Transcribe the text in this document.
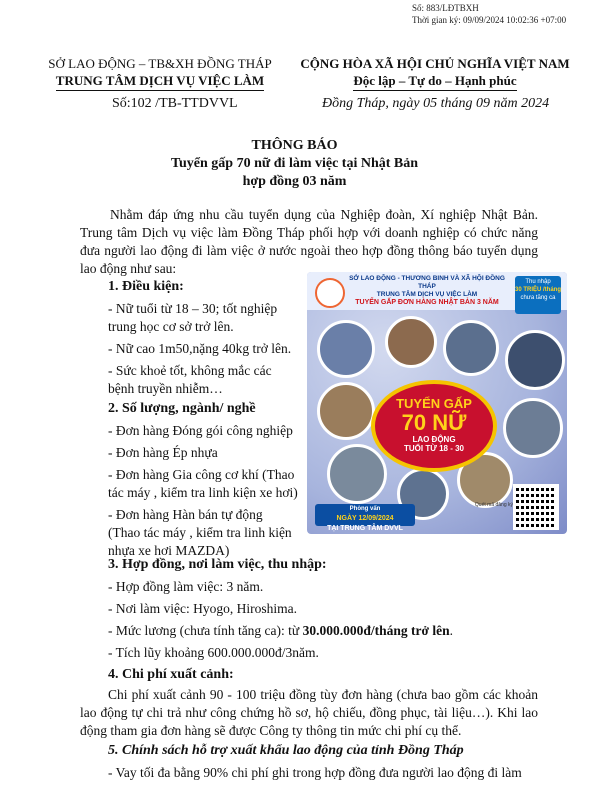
Số: 883/LĐTBXH
Thời gian ký: 09/09/2024 10:02:36 +07:00
SỞ LAO ĐỘNG – TB&XH ĐỒNG THÁP
TRUNG TÂM DỊCH VỤ VIỆC LÀM
CỘNG HÒA XÃ HỘI CHỦ NGHĨA VIỆT NAM
Độc lập – Tự do – Hạnh phúc
Số:102 /TB-TTDVVL	Đồng Tháp, ngày 05 tháng 09 năm 2024
THÔNG BÁO
Tuyển gấp 70 nữ đi làm việc tại Nhật Bản
hợp đồng 03 năm

Nhằm đáp ứng nhu cầu tuyển dụng của Nghiệp đoàn, Xí nghiệp Nhật Bản. Trung tâm Dịch vụ việc làm Đồng Tháp phối hợp với doanh nghiệp có chức năng đưa người lao động đi làm việc ở nước ngoài theo hợp đồng thông báo tuyển dụng lao động như sau:

1. Điều kiện:

- Nữ tuổi từ 18 – 30; tốt nghiệp trung học cơ sở trở lên.

- Nữ cao 1m50,nặng 40kg trở lên.

- Sức khoẻ tốt, không mắc các bệnh truyền nhiễm…

2. Số lượng, ngành/ nghề

- Đơn hàng Đóng gói công nghiệp

- Đơn hàng Ép nhựa

- Đơn hàng Gia công cơ khí (Thao tác máy , kiểm tra linh kiện xe hơi)

- Đơn hàng Hàn bán tự động (Thao tác máy , kiểm tra linh kiện nhựa xe hơi MAZDA)

SỞ LAO ĐỘNG - THƯƠNG BINH VÀ XÃ HỘI ĐỒNG THÁP
TRUNG TÂM DỊCH VỤ VIỆC LÀM
TUYỂN GẤP ĐƠN HÀNG NHẬT BẢN 3 NĂM
Thu nhập
30 TRIỆU /tháng
chưa tăng ca
TUYỂN GẤP
70 NỮ
LAO ĐỘNG
TUỔI TỪ 18 - 30
Phỏng vấn
NGÀY 12/09/2024
TẠI TRUNG TÂM DVVL
Quét mã đăng ký

3. Hợp đồng, nơi làm việc, thu nhập:

- Hợp đồng làm việc: 3 năm.

- Nơi làm việc: Hyogo, Hiroshima.

- Mức lương (chưa tính tăng ca): từ 30.000.000đ/tháng trở lên.

- Tích lũy khoảng 600.000.000đ/3năm.

4. Chi phí xuất cảnh:

Chi phí xuất cảnh 90 - 100 triệu đồng tùy đơn hàng (chưa bao gồm các khoản lao động tự chi trả như công chứng hồ sơ, hộ chiếu, đồng phục, tài liệu…). Khi lao động tham gia đơn hàng sẽ được Công ty thông tin mức chi phí cụ thể.

5. Chính sách hỗ trợ xuất khẩu lao động của tỉnh Đồng Tháp

- Vay tối đa bằng 90% chi phí ghi trong hợp đồng đưa người lao động đi làm
